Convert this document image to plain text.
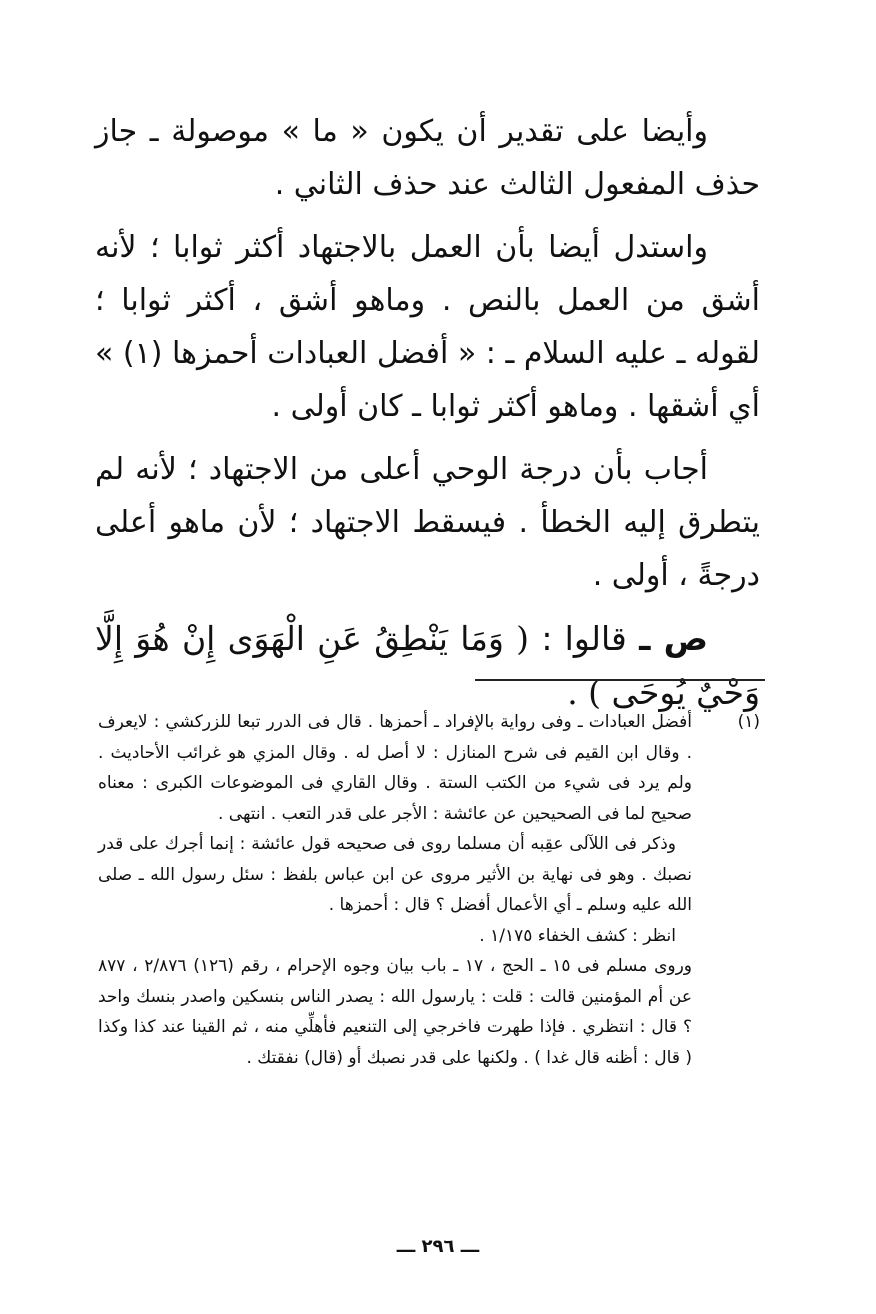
وأيضا على تقدير أن يكون « ما » موصولة ـ جاز حذف المفعول الثالث عند حذف الثاني .

واستدل أيضا بأن العمل بالاجتهاد أكثر ثوابا ؛ لأنه أشق من العمل بالنص . وماهو أشق ، أكثر ثوابا ؛ لقوله ـ عليه السلام ـ : « أفضل العبادات أحمزها (١) » أي أشقها . وماهو أكثر ثوابا ـ كان أولى .

أجاب بأن درجة الوحي أعلى من الاجتهاد ؛ لأنه لم يتطرق إليه الخطأ . فيسقط الاجتهاد ؛ لأن ماهو أعلى درجةً ، أولى .

ص ـ قالوا : ( وَمَا يَنْطِقُ عَنِ الْهَوَى إِنْ هُوَ إِلَّا وَحْيٌ يُوحَى ) .

(١)

أفضل العبادات ـ وفى رواية بالإفراد ـ أحمزها . قال فى الدرر تبعا للزركشي : لايعرف . وقال ابن القيم فى شرح المنازل : لا أصل له . وقال المزي هو غرائب الأحاديث . ولم يرد فى شيء من الكتب الستة . وقال القاري فى الموضوعات الكبرى : معناه صحيح لما فى الصحيحين عن عائشة : الأجر على قدر التعب . انتهى .

وذكر فى اللآلى عقِبه أن مسلما روى فى صحيحه قول عائشة : إنما أجرك على قدر نصبك . وهو فى نهاية بن الأثير مروى عن ابن عباس بلفظ : سئل رسول الله ـ صلى الله عليه وسلم ـ أي الأعمال أفضل ؟ قال : أحمزها .

انظر : كشف الخفاء ١/١٧٥ .

وروى مسلم فى ١٥ ـ الحج ، ١٧ ـ باب بيان وجوه الإحرام ، رقم (١٢٦) ٢/٨٧٦ ، ٨٧٧ عن أم المؤمنين قالت : قلت : يارسول الله : يصدر الناس بنسكين واصدر بنسك واحد ؟ قال : انتظري . فإذا طهرت فاخرجي إلى التنعيم فأهلِّي منه ، ثم القينا عند كذا وكذا ( قال : أظنه قال غدا ) . ولكنها على قدر نصبك أو (قال) نفقتك .

ـــ ٢٩٦ ـــ
